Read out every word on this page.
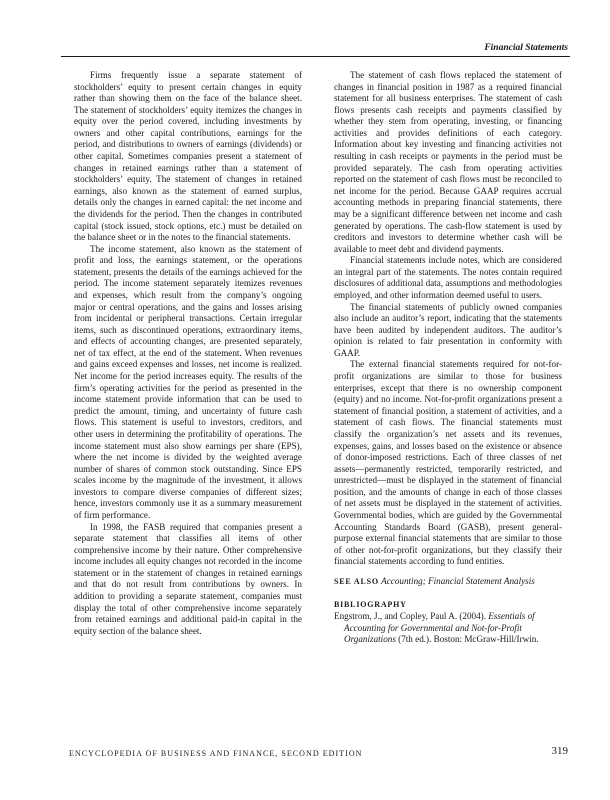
Financial Statements

Firms frequently issue a separate statement of stockholders’ equity to present certain changes in equity rather than showing them on the face of the balance sheet. The statement of stockholders’ equity itemizes the changes in equity over the period covered, including investments by owners and other capital contributions, earnings for the period, and distributions to owners of earnings (dividends) or other capital. Sometimes companies present a statement of changes in retained earnings rather than a statement of stockholders’ equity. The statement of changes in retained earnings, also known as the statement of earned surplus, details only the changes in earned capital: the net income and the dividends for the period. Then the changes in contributed capital (stock issued, stock options, etc.) must be detailed on the balance sheet or in the notes to the financial statements.

The income statement, also known as the statement of profit and loss, the earnings statement, or the operations statement, presents the details of the earnings achieved for the period. The income statement separately itemizes revenues and expenses, which result from the company’s ongoing major or central operations, and the gains and losses arising from incidental or peripheral transactions. Certain irregular items, such as discontinued operations, extraordinary items, and effects of accounting changes, are presented separately, net of tax effect, at the end of the statement. When revenues and gains exceed expenses and losses, net income is realized. Net income for the period increases equity. The results of the firm’s operating activities for the period as presented in the income statement provide information that can be used to predict the amount, timing, and uncertainty of future cash flows. This statement is useful to investors, creditors, and other users in determining the profitability of operations. The income statement must also show earnings per share (EPS), where the net income is divided by the weighted average number of shares of common stock outstanding. Since EPS scales income by the magnitude of the investment, it allows investors to compare diverse companies of different sizes; hence, investors commonly use it as a summary measurement of firm performance.

In 1998, the FASB required that companies present a separate statement that classifies all items of other comprehensive income by their nature. Other comprehensive income includes all equity changes not recorded in the income statement or in the statement of changes in retained earnings and that do not result from contributions by owners. In addition to providing a separate statement, companies must display the total of other comprehensive income separately from retained earnings and additional paid-in capital in the equity section of the balance sheet.

The statement of cash flows replaced the statement of changes in financial position in 1987 as a required financial statement for all business enterprises. The statement of cash flows presents cash receipts and payments classified by whether they stem from operating, investing, or financing activities and provides definitions of each category. Information about key investing and financing activities not resulting in cash receipts or payments in the period must be provided separately. The cash from operating activities reported on the statement of cash flows must be reconciled to net income for the period. Because GAAP requires accrual accounting methods in preparing financial statements, there may be a significant difference between net income and cash generated by operations. The cash-flow statement is used by creditors and investors to determine whether cash will be available to meet debt and dividend payments.

Financial statements include notes, which are considered an integral part of the statements. The notes contain required disclosures of additional data, assumptions and methodologies employed, and other information deemed useful to users.

The financial statements of publicly owned companies also include an auditor’s report, indicating that the statements have been audited by independent auditors. The auditor’s opinion is related to fair presentation in conformity with GAAP.

The external financial statements required for not-for-profit organizations are similar to those for business enterprises, except that there is no ownership component (equity) and no income. Not-for-profit organizations present a statement of financial position, a statement of activities, and a statement of cash flows. The financial statements must classify the organization’s net assets and its revenues, expenses, gains, and losses based on the existence or absence of donor-imposed restrictions. Each of three classes of net assets—permanently restricted, temporarily restricted, and unrestricted—must be displayed in the statement of financial position, and the amounts of change in each of those classes of net assets must be displayed in the statement of activities. Governmental bodies, which are guided by the Governmental Accounting Standards Board (GASB), present general-purpose external financial statements that are similar to those of other not-for-profit organizations, but they classify their financial statements according to fund entities.

SEE ALSO Accounting; Financial Statement Analysis

BIBLIOGRAPHY

Engstrom, J., and Copley, Paul A. (2004). Essentials of Accounting for Governmental and Not-for-Profit Organizations (7th ed.). Boston: McGraw-Hill/Irwin.

ENCYCLOPEDIA OF BUSINESS AND FINANCE, SECOND EDITION	319
